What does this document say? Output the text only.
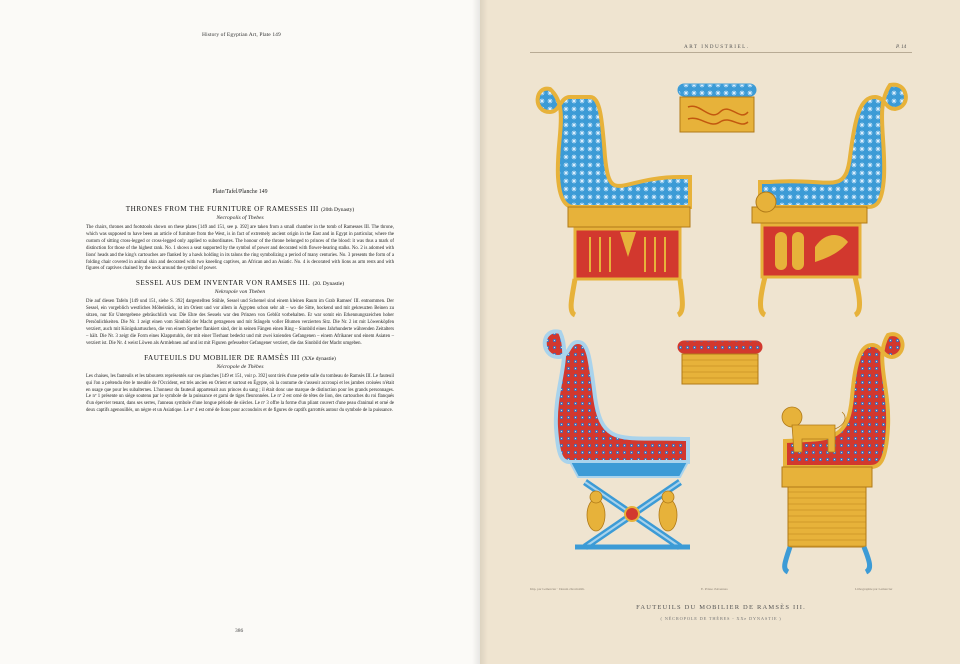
History of Egyptian Art, Plate 149
Plate/Tafel/Planche 149
THRONES FROM THE FURNITURE OF RAMESSES III (20th Dynasty)
Necropolis of Thebes

The chairs, thrones and footstools shown on these plates [149 and 151, see p. 392] are taken from a small chamber in the tomb of Ramesses III. The throne, which was supposed to have been an article of furniture from the West, is in fact of extremely ancient origin in the East and in Egypt in particular, where the custom of sitting cross-legged or cross-legged only applied to subordinates. The honour of the throne belonged to princes of the blood: it was thus a mark of distinction for those of the highest rank. No. 1 shows a seat supported by the symbol of power and decorated with flower-bearing stalks. No. 2 is adorned with lions' heads and the king's cartouches are flanked by a hawk holding in its talons the ring symbolizing a period of many centuries. No. 3 presents the form of a folding chair covered in animal skin and decorated with two kneeling captives, an African and an Asiatic. No. 4 is decorated with lions as arm rests and with figures of captives chained by the neck around the symbol of power.

SESSEL AUS DEM INVENTAR VON RAMSES III. (20. Dynastie)
Nekropole von Theben

Die auf diesen Tafeln [149 und 151, siehe S. 392] dargestellten Stühle, Sessel und Schemel sind einem kleinen Raum im Grab Ramses' III. entnommen. Der Sessel, ein vorgeblich westliches Möbelstück, ist im Orient und vor allem in Ägypten schon sehr alt – wo die Sitte, hockend und mit gekreuzten Beinen zu sitzen, nur für Untergebene gebräuchlich war. Die Ehre des Sessels war den Prinzen von Geblüt vorbehalten. Er war somit ein Erkennungszeichen hoher Persönlichkeiten. Die Nr. 1 zeigt einen vom Sinnbild der Macht getragenen und mit Stängeln voller Blumen verzierten Sitz. Die Nr. 2 ist mit Löwenköpfen verziert, auch mit Königskartuschen, die von einem Sperber flankiert sind, der in seinen Fängen einen Ring – Sinnbild eines Jahrhunderte währenden Zeitalters – hält. Die Nr. 3 zeigt die Form eines Klappstuhls, der mit einer Tierhaut bedeckt und mit zwei knienden Gefangenen – einem Afrikaner und einem Asiaten – verziert ist. Die Nr. 4 weist Löwen als Armlehnen auf und ist mit Figuren gefesselter Gefangener verziert, die das Sinnbild der Macht umgeben.

FAUTEUILS DU MOBILIER DE RAMSÈS III (XXe dynastie)
Nécropole de Thèbes

Les chaises, les fauteuils et les tabourets représentés sur ces planches [149 et 151, voir p. 392] sont tirés d'une petite salle du tombeau de Ramsès III. Le fauteuil qui l'on a prétendu être le meuble de l'Occident, est très ancien en Orient et surtout en Égypte, où la coutume de s'asseoir accroupi et les jambes croisées n'était en usage que pour les subalternes. L'honneur du fauteuil appartenait aux princes du sang ; il était donc une marque de distinction pour les grands personnages. Le nº 1 présente un siège soutenu par le symbole de la puissance et garni de tiges fleuronnées. Le nº 2 est orné de têtes de lion, des cartouches du roi flanqués d'un épervier tenant, dans ses serres, l'anneau symbole d'une longue période de siècles. Le nº 3 offre la forme d'un pliant couvert d'une peau d'animal et orné de deux captifs agenouillés, un nègre et un Asiatique. Le nº 4 est orné de lions pour accoudoirs et de figures de captifs garrottés autour du symbole de la puissance.

386
ART INDUSTRIEL.	P. 14
Imp. par Lemercier · Dessin chromolith.	E. Prisse d'Avennes	Lithographie par Lemercier
FAUTEUILS DU MOBILIER DE RAMSÈS III.
( NÉCROPOLE DE THÈBES - XXe DYNASTIE )
